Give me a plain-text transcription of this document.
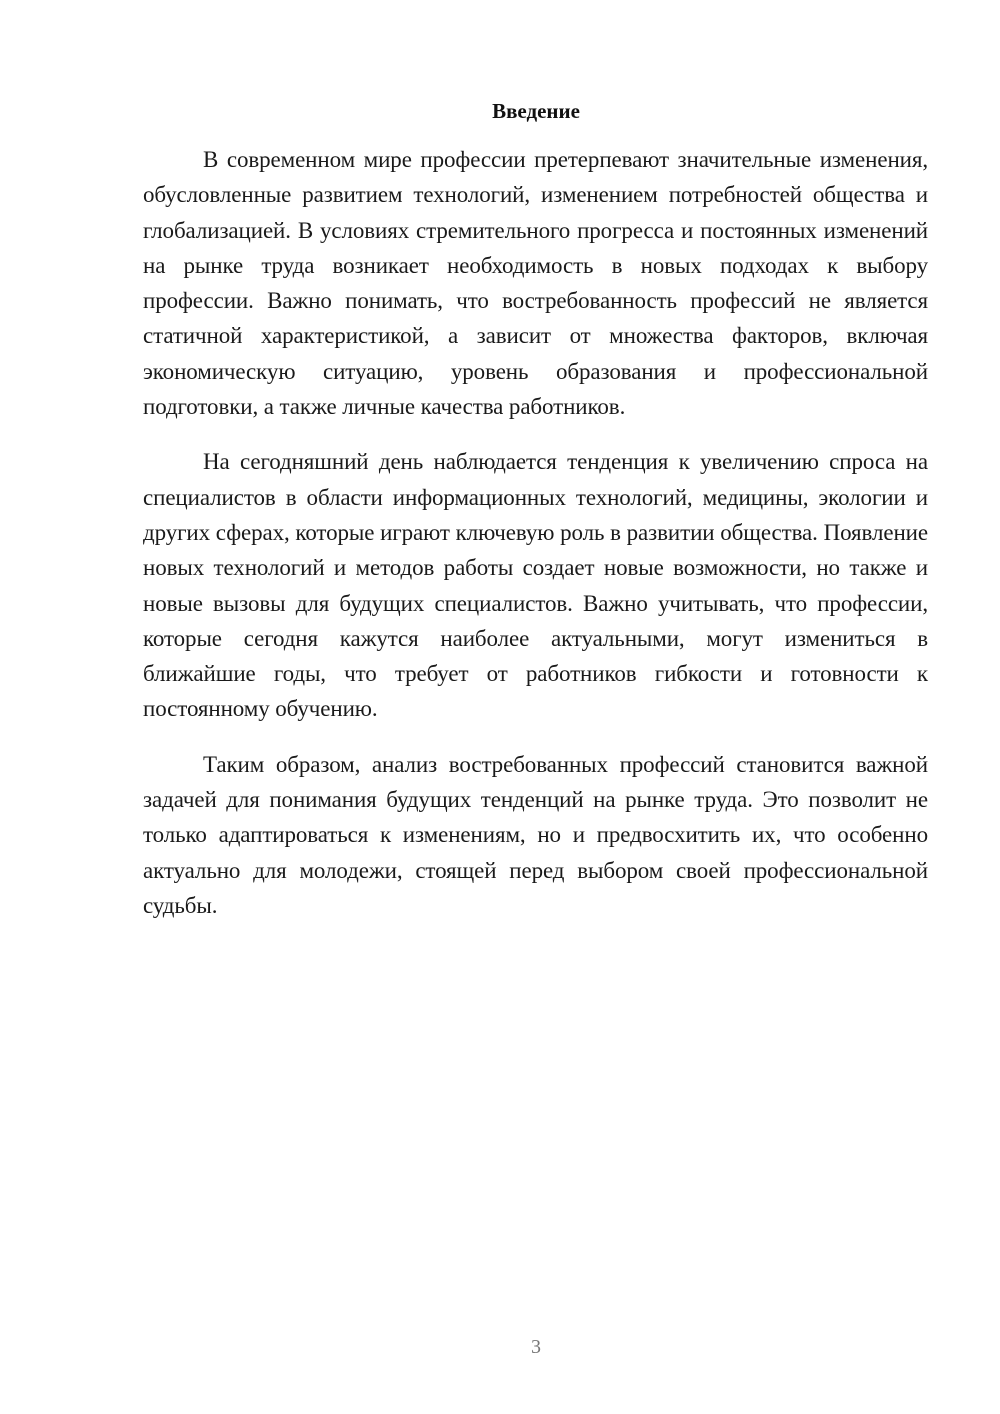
Введение

В современном мире профессии претерпевают значительные изменения, обусловленные развитием технологий, изменением потребностей общества и глобализацией. В условиях стремительного прогресса и постоянных изменений на рынке труда возникает необходимость в новых подходах к выбору профессии. Важно понимать, что востребованность профессий не является статичной характеристикой, а зависит от множества факторов, включая экономическую ситуацию, уровень образования и профессиональной подготовки, а также личные качества работников.

На сегодняшний день наблюдается тенденция к увеличению спроса на специалистов в области информационных технологий, медицины, экологии и других сферах, которые играют ключевую роль в развитии общества. Появление новых технологий и методов работы создает новые возможности, но также и новые вызовы для будущих специалистов. Важно учитывать, что профессии, которые сегодня кажутся наиболее актуальными, могут измениться в ближайшие годы, что требует от работников гибкости и готовности к постоянному обучению.

Таким образом, анализ востребованных профессий становится важной задачей для понимания будущих тенденций на рынке труда. Это позволит не только адаптироваться к изменениям, но и предвосхитить их, что особенно актуально для молодежи, стоящей перед выбором своей профессиональной судьбы.

3
